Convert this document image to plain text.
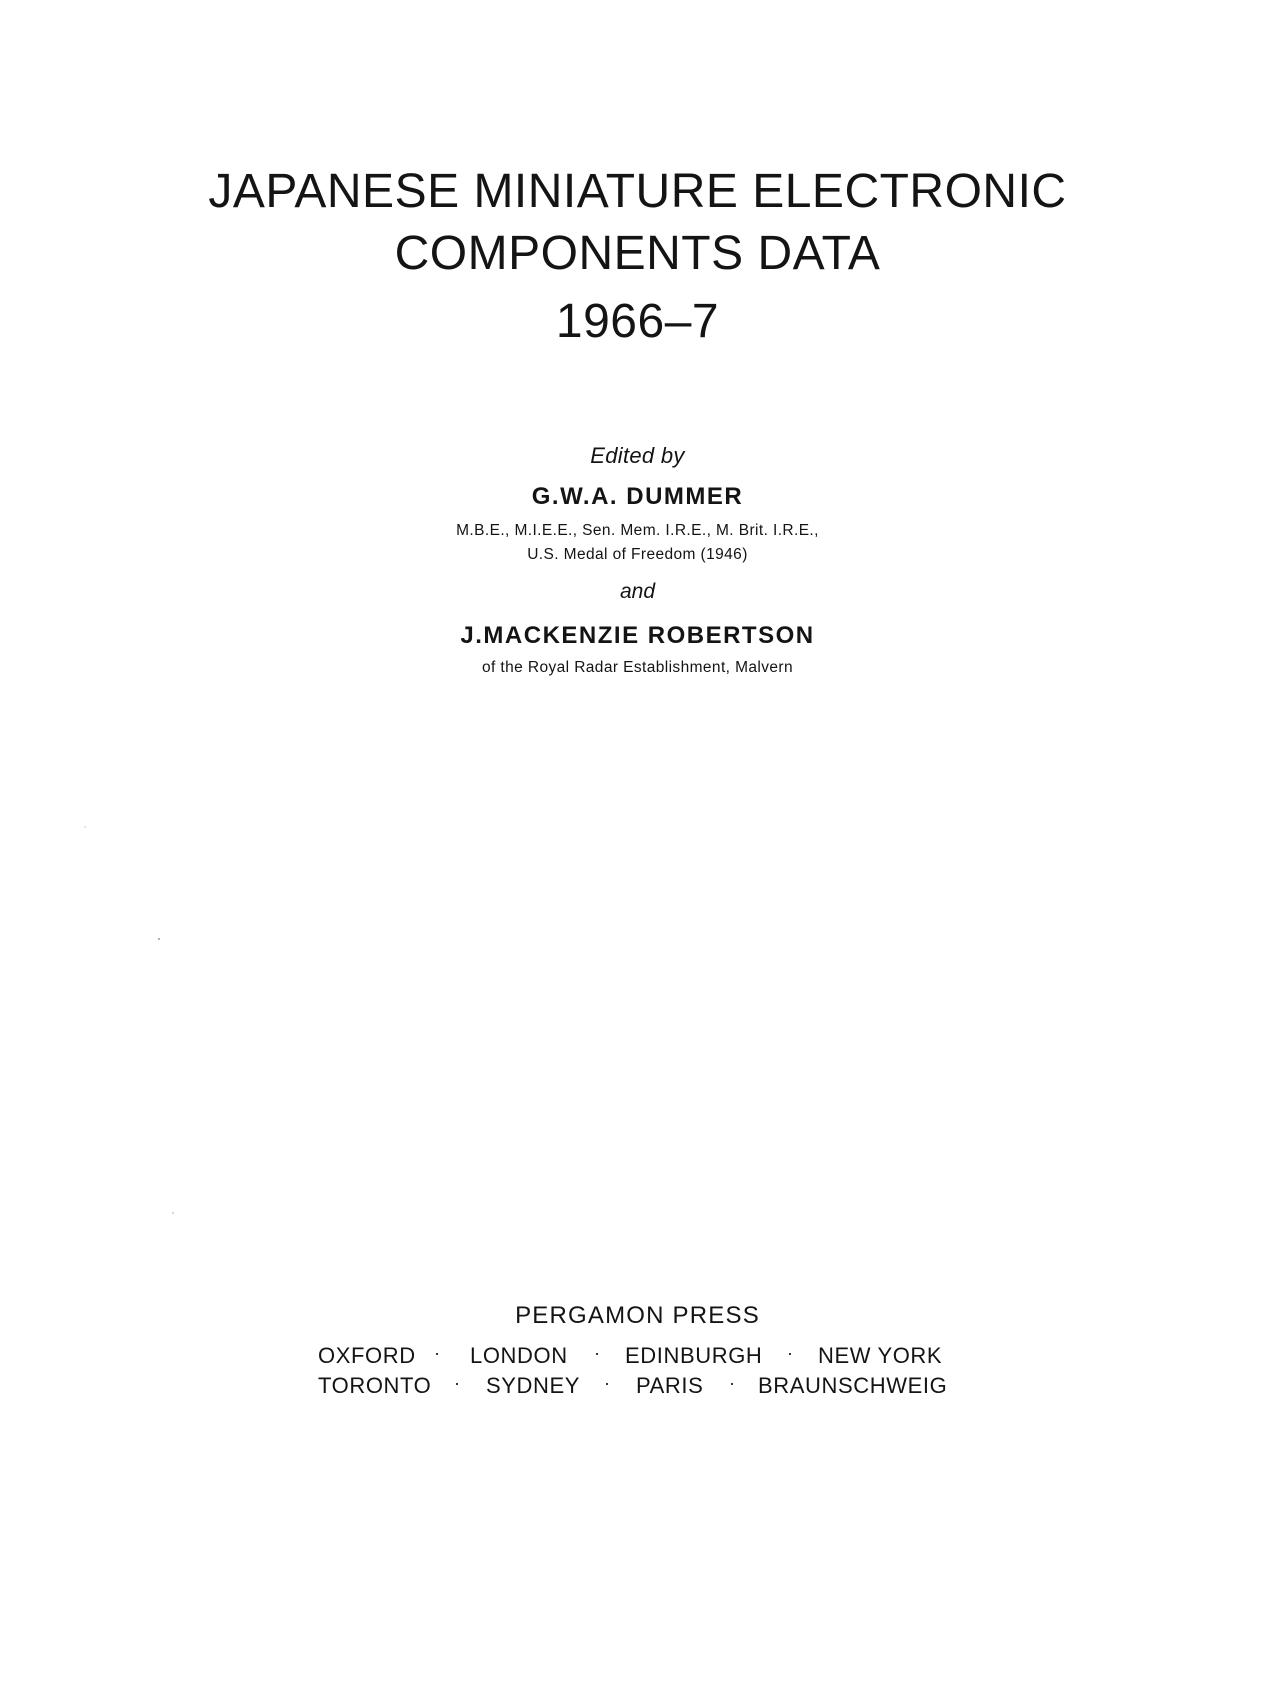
JAPANESE MINIATURE ELECTRONIC
COMPONENTS DATA
1966–7
Edited by
G.W.A. DUMMER
M.B.E., M.I.E.E., Sen. Mem. I.R.E., M. Brit. I.R.E.,
U.S. Medal of Freedom (1946)
and
J.MACKENZIE ROBERTSON
of the Royal Radar Establishment, Malvern
PERGAMON PRESS
OXFORD · LONDON · EDINBURGH · NEW YORK
TORONTO · SYDNEY · PARIS · BRAUNSCHWEIG
